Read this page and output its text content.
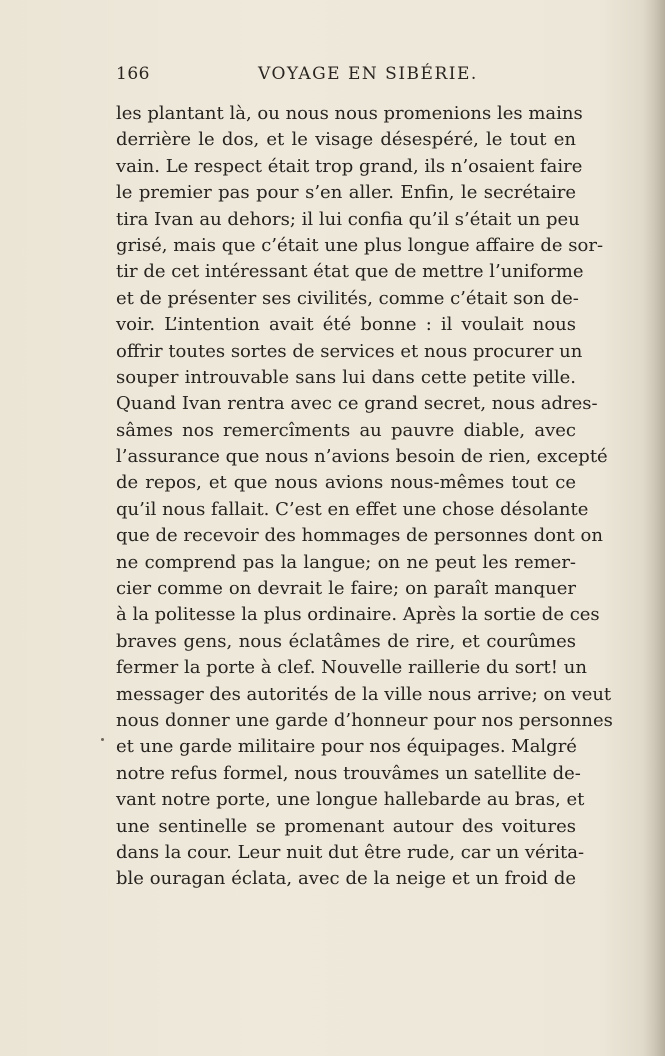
166	VOYAGE EN SIBÉRIE.
les plantant là, ou nous nous promenions les mains
derrière le dos, et le visage désespéré, le tout en
vain. Le respect était trop grand, ils n’osaient faire
le premier pas pour s’en aller. Enfin, le secrétaire
tira Ivan au dehors; il lui confia qu’il s’était un peu
grisé, mais que c’était une plus longue affaire de sor-
tir de cet intéressant état que de mettre l’uniforme
et de présenter ses civilités, comme c’était son de-
voir. L’intention avait été bonne : il voulait nous
offrir toutes sortes de services et nous procurer un
souper introuvable sans lui dans cette petite ville.
Quand Ivan rentra avec ce grand secret, nous adres-
sâmes nos remercîments au pauvre diable, avec
l’assurance que nous n’avions besoin de rien, excepté
de repos, et que nous avions nous-mêmes tout ce
qu’il nous fallait. C’est en effet une chose désolante
que de recevoir des hommages de personnes dont on
ne comprend pas la langue; on ne peut les remer-
cier comme on devrait le faire; on paraît manquer
à la politesse la plus ordinaire. Après la sortie de ces
braves gens, nous éclatâmes de rire, et courûmes
fermer la porte à clef. Nouvelle raillerie du sort! un
messager des autorités de la ville nous arrive; on veut
nous donner une garde d’honneur pour nos personnes
et une garde militaire pour nos équipages. Malgré
notre refus formel, nous trouvâmes un satellite de-
vant notre porte, une longue hallebarde au bras, et
une sentinelle se promenant autour des voitures
dans la cour. Leur nuit dut être rude, car un vérita-
ble ouragan éclata, avec de la neige et un froid de
